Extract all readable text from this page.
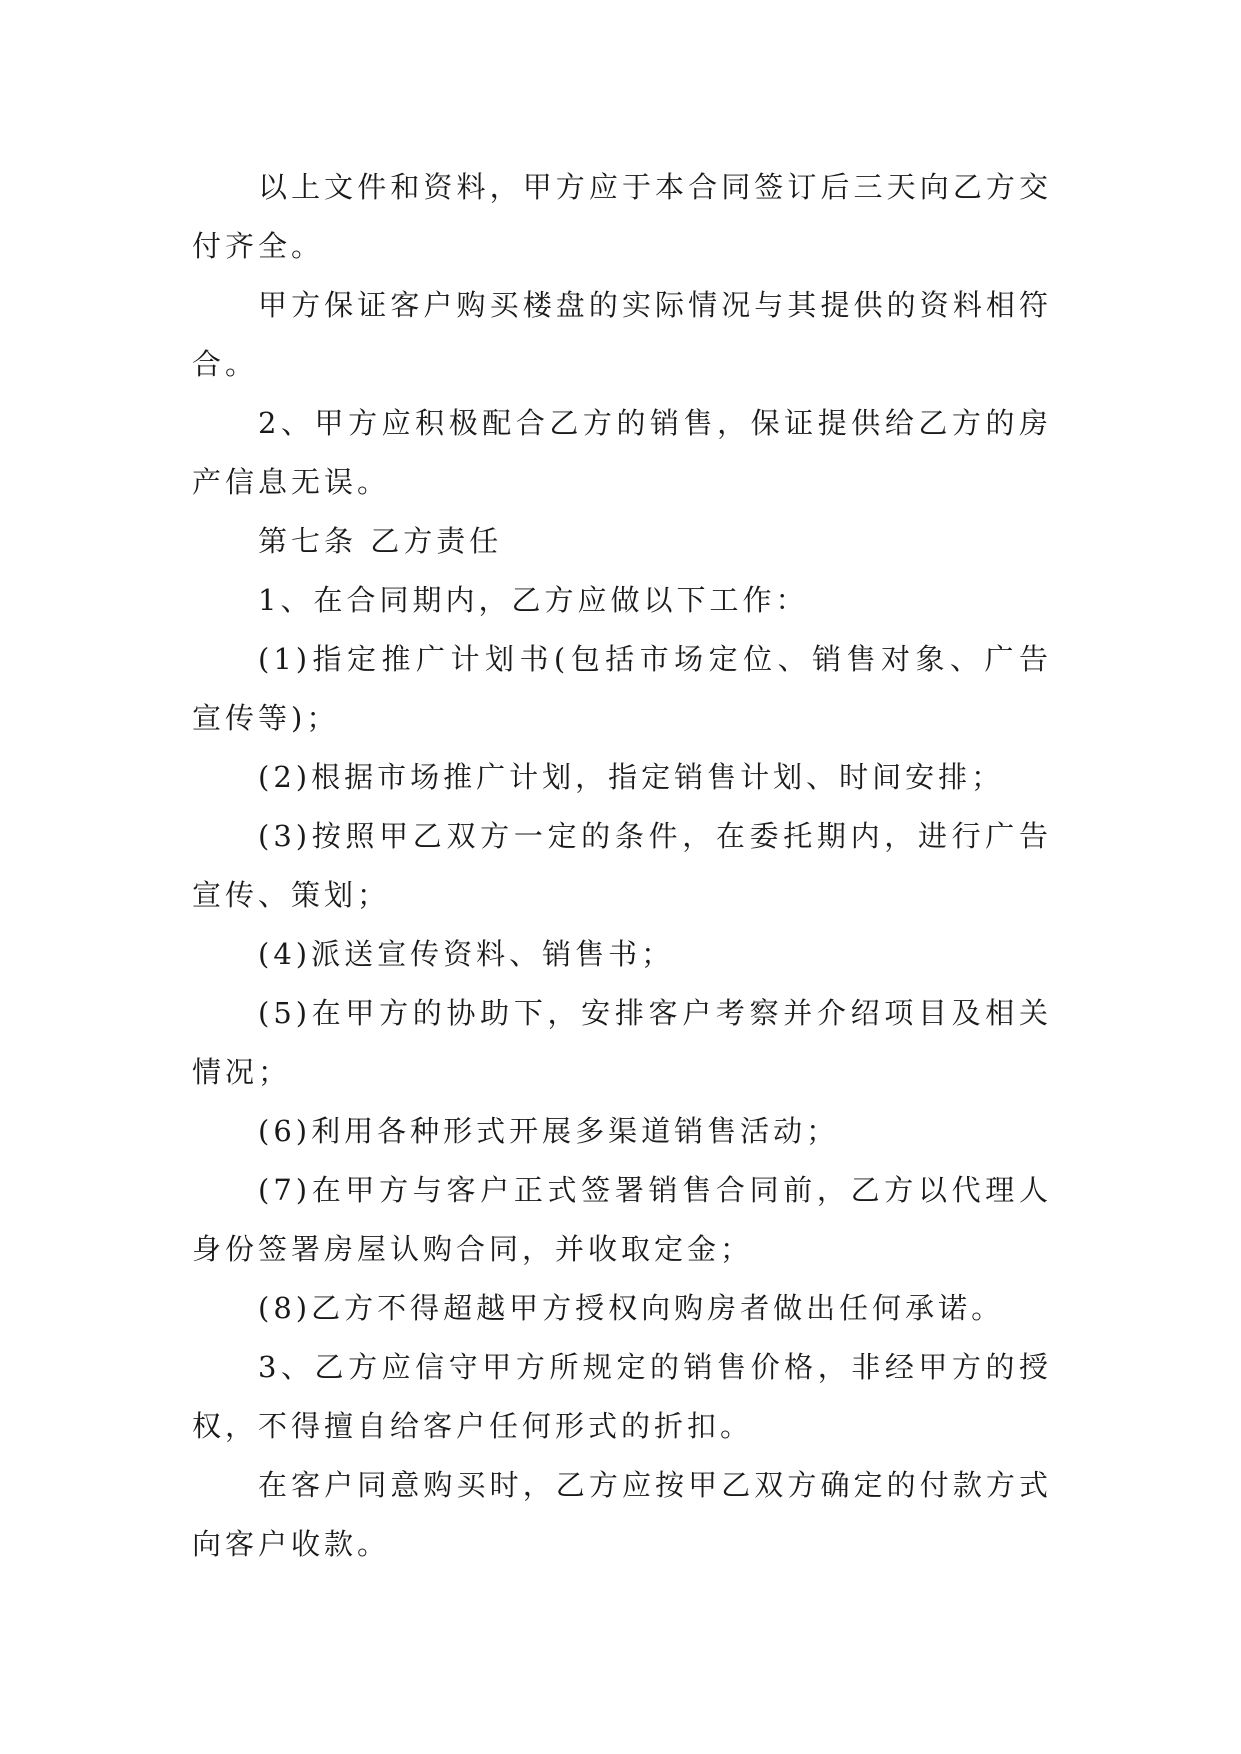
以上文件和资料，甲方应于本合同签订后三天向乙方交付齐全。

甲方保证客户购买楼盘的实际情况与其提供的资料相符合。

2、甲方应积极配合乙方的销售，保证提供给乙方的房产信息无误。

第七条 乙方责任

1、在合同期内，乙方应做以下工作：

(1)指定推广计划书(包括市场定位、销售对象、广告宣传等)；

(2)根据市场推广计划，指定销售计划、时间安排；

(3)按照甲乙双方一定的条件，在委托期内，进行广告宣传、策划；

(4)派送宣传资料、销售书；

(5)在甲方的协助下，安排客户考察并介绍项目及相关情况；

(6)利用各种形式开展多渠道销售活动；

(7)在甲方与客户正式签署销售合同前，乙方以代理人身份签署房屋认购合同，并收取定金；

(8)乙方不得超越甲方授权向购房者做出任何承诺。

3、乙方应信守甲方所规定的销售价格，非经甲方的授权，不得擅自给客户任何形式的折扣。

在客户同意购买时，乙方应按甲乙双方确定的付款方式向客户收款。
